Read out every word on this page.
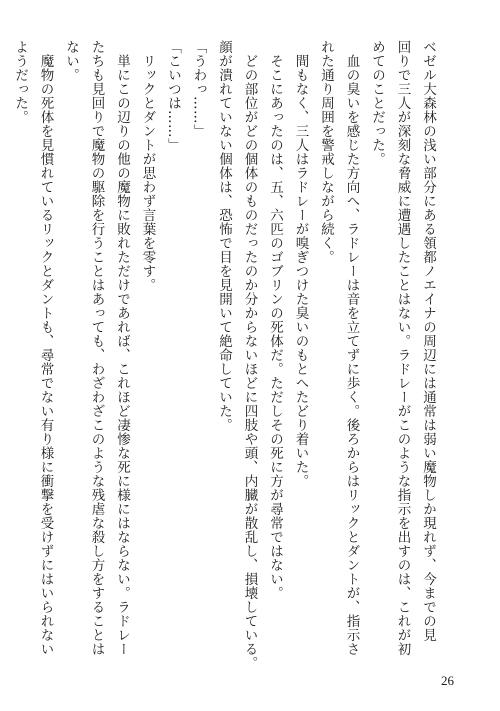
ベゼル大森林の浅い部分にある領都ノエイナの周辺には通常は弱い魔物しか現れず、今までの見
回りで三人が深刻な脅威に遭遇したことはない。ラドレーがこのような指示を出すのは、これが初
めてのことだった。
　血の臭いを感じた方向へ、ラドレーは音を立てずに歩く。後ろからはリックとダントが、指示さ
れた通り周囲を警戒しながら続く。
　間もなく、三人はラドレーが嗅ぎつけた臭いのもとへたどり着いた。
　そこにあったのは、五、六匹のゴブリンの死体だ。ただしその死に方が尋常ではない。
　どの部位がどの個体のものだったのか分からないほどに四肢や頭、内臓が散乱し、損壊している。
顔が潰れていない個体は、恐怖で目を見開いて絶命していた。
「うわっ……」
「こいつは……」
　リックとダントが思わず言葉を零す。
　単にこの辺りの他の魔物に敗れただけであれば、これほど凄惨な死に様にはならない。ラドレー
たちも見回りで魔物の駆除を行うことはあっても、わざわざこのような残虐な殺し方をすることは
ない。
　魔物の死体を見慣れているリックとダントも、尋常でない有り様に衝撃を受けずにはいられない
ようだった。
26
